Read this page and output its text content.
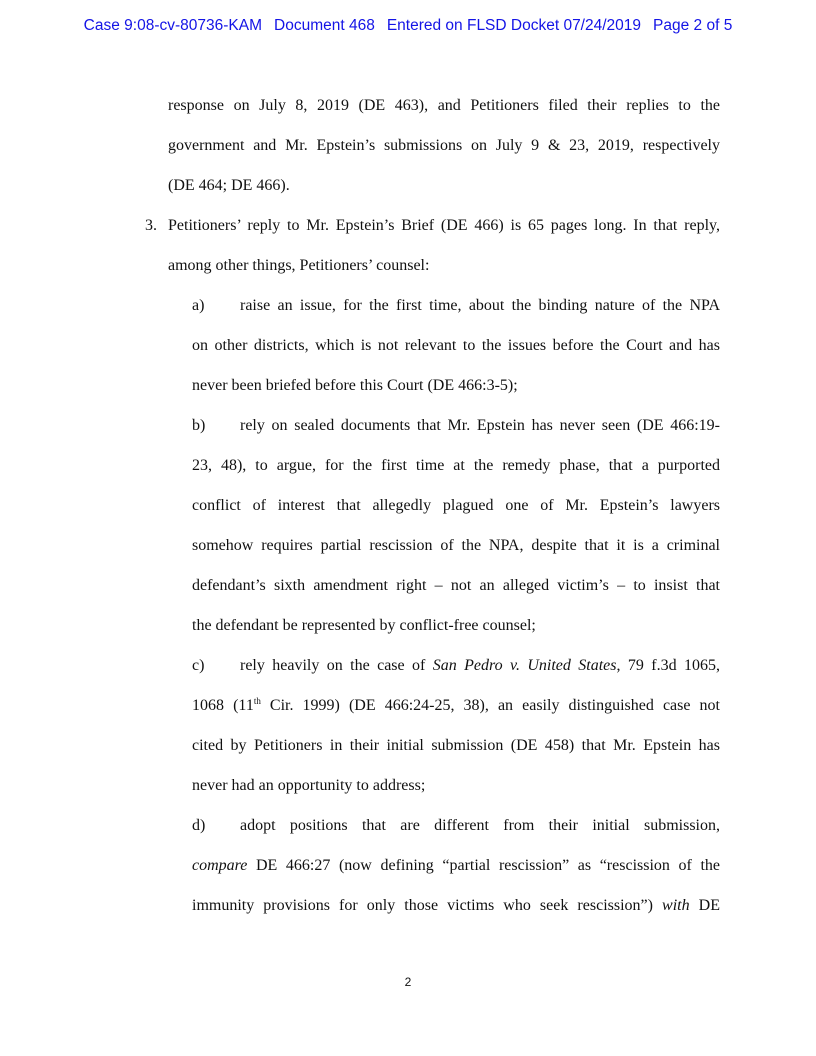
Case 9:08-cv-80736-KAM Document 468 Entered on FLSD Docket 07/24/2019 Page 2 of 5
response on July 8, 2019 (DE 463), and Petitioners filed their replies to the
government and Mr. Epstein’s submissions on July 9 & 23, 2019, respectively
(DE 464; DE 466).
3. Petitioners’ reply to Mr. Epstein’s Brief (DE 466) is 65 pages long. In that reply,
among other things, Petitioners’ counsel:
a) raise an issue, for the first time, about the binding nature of the NPA
on other districts, which is not relevant to the issues before the Court and has
never been briefed before this Court (DE 466:3-5);
b) rely on sealed documents that Mr. Epstein has never seen (DE 466:19-
23, 48), to argue, for the first time at the remedy phase, that a purported
conflict of interest that allegedly plagued one of Mr. Epstein’s lawyers
somehow requires partial rescission of the NPA, despite that it is a criminal
defendant’s sixth amendment right – not an alleged victim’s – to insist that
the defendant be represented by conflict-free counsel;
c) rely heavily on the case of San Pedro v. United States, 79 f.3d 1065,
1068 (11th Cir. 1999) (DE 466:24-25, 38), an easily distinguished case not
cited by Petitioners in their initial submission (DE 458) that Mr. Epstein has
never had an opportunity to address;
d) adopt positions that are different from their initial submission,
compare DE 466:27 (now defining “partial rescission” as “rescission of the
immunity provisions for only those victims who seek rescission”) with DE
2
